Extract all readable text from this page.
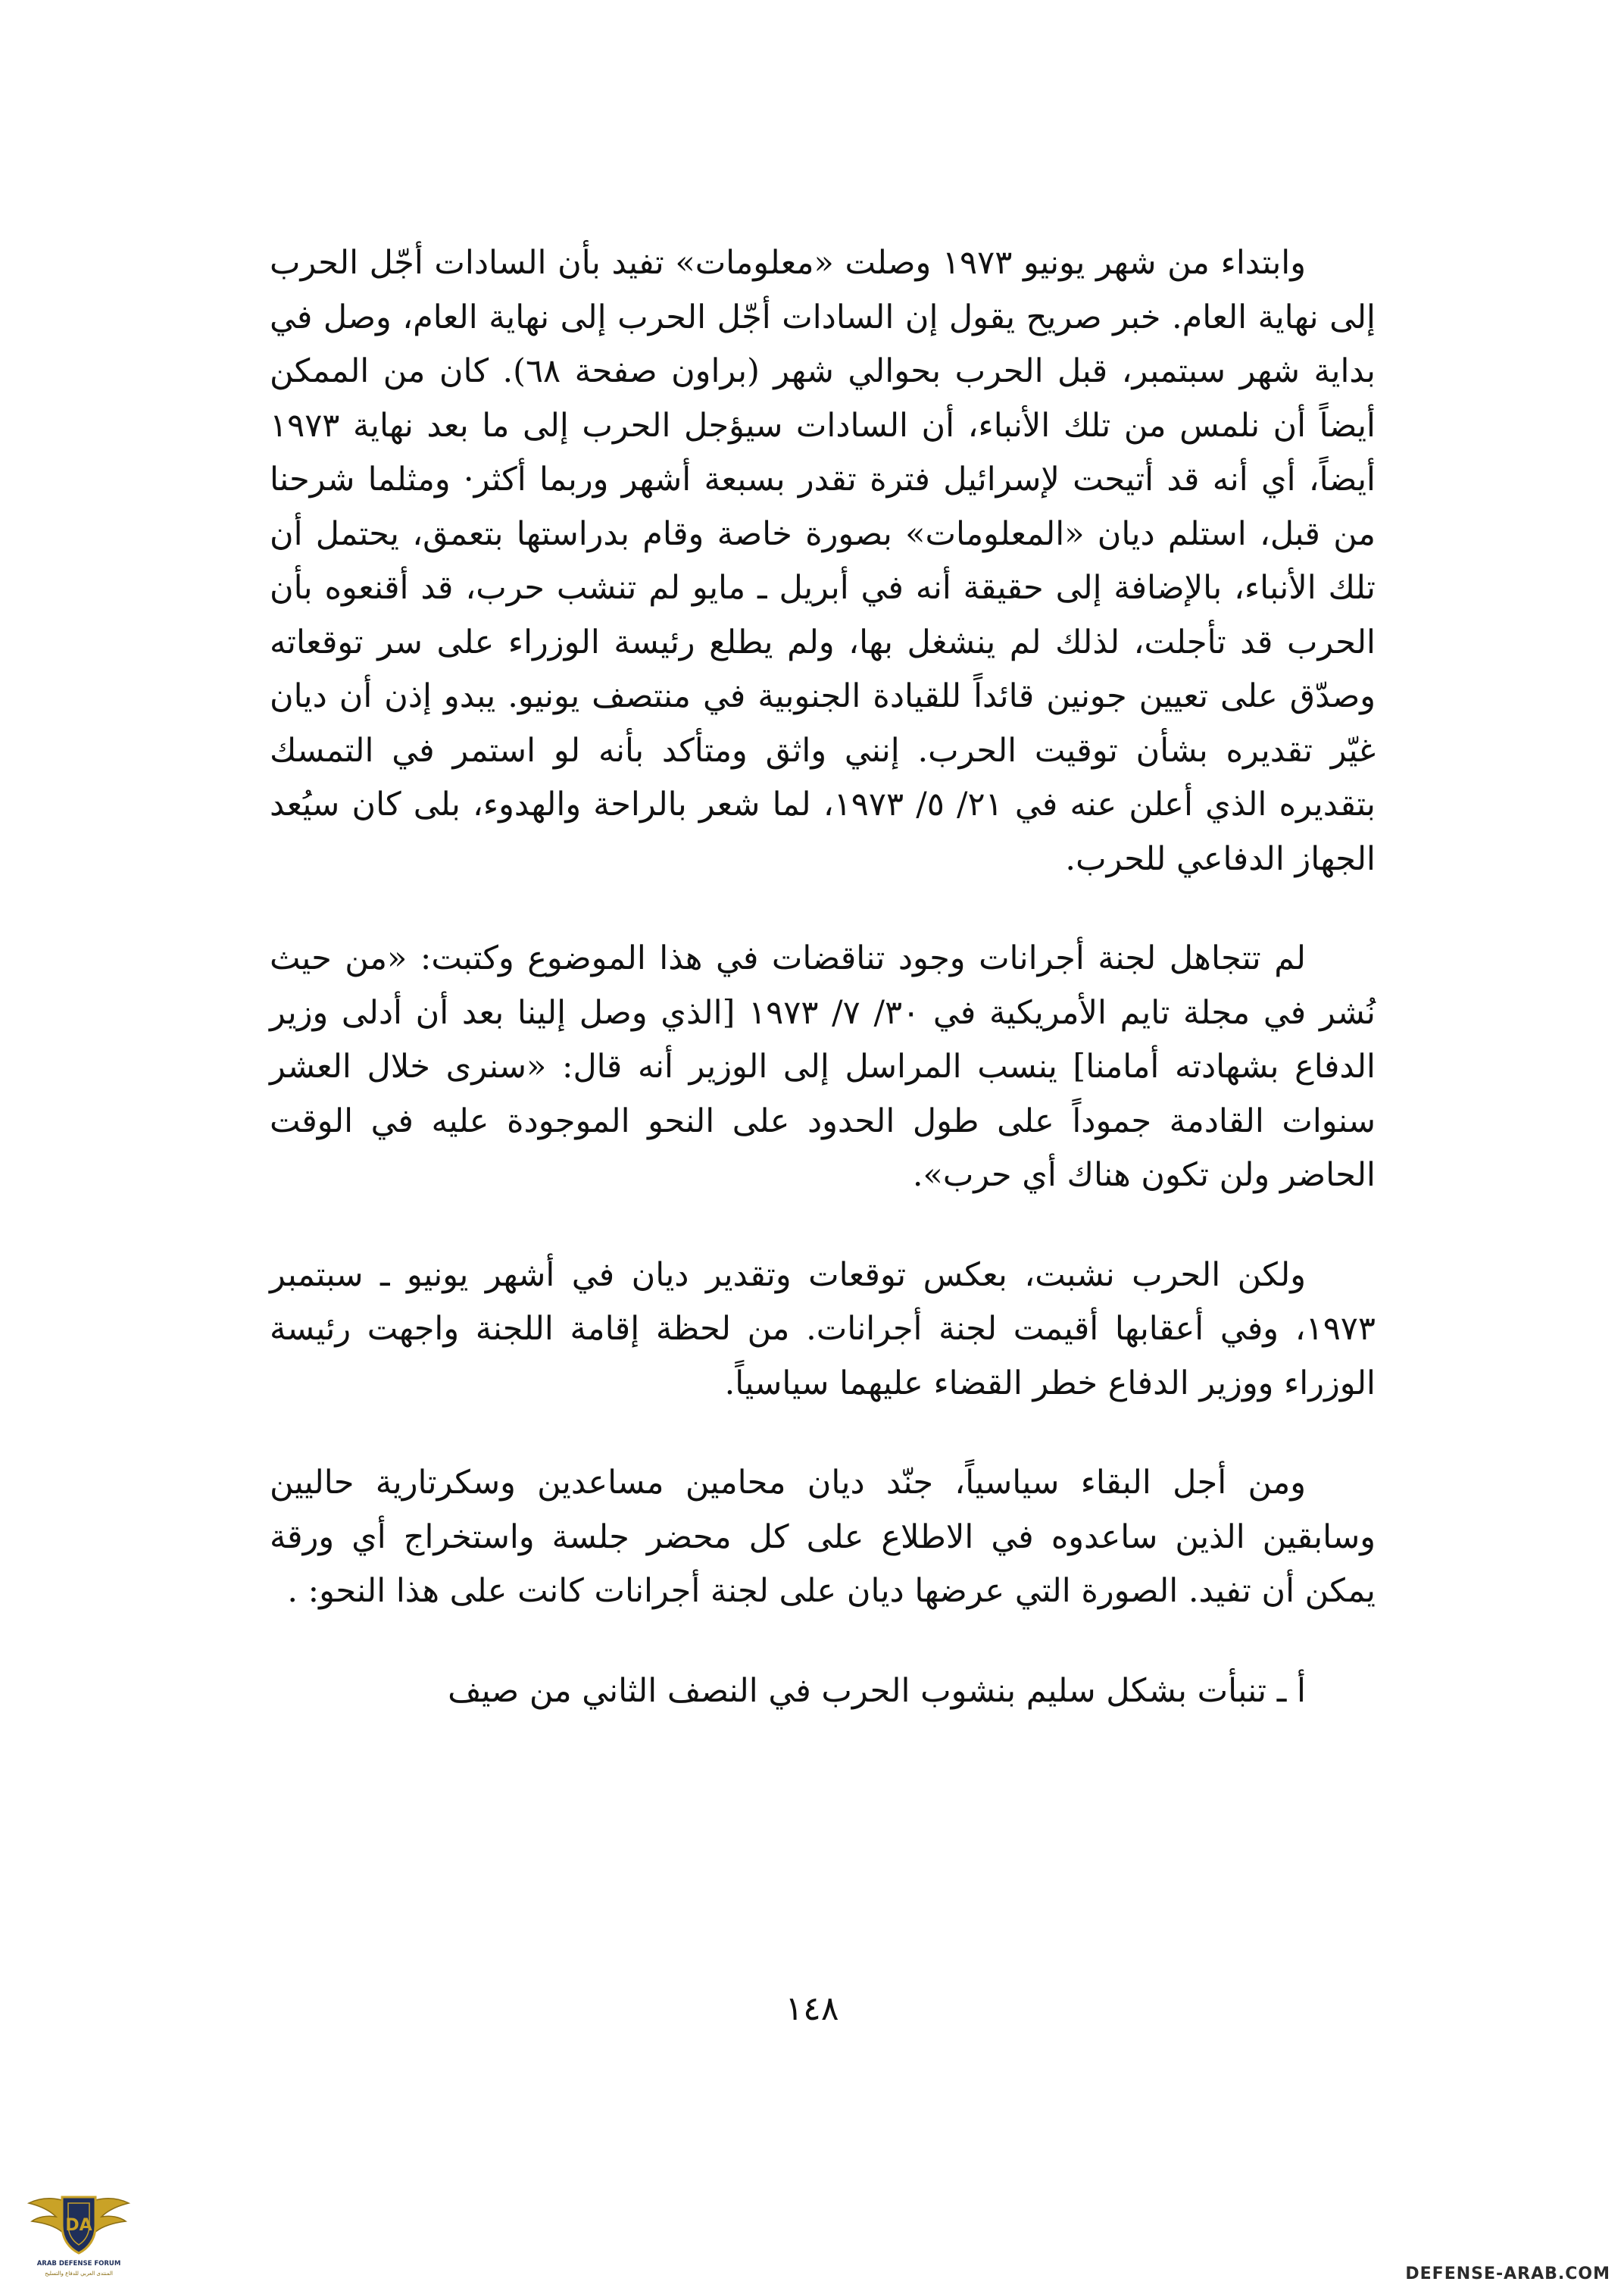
وابتداء من شهر يونيو ١٩٧٣ وصلت «معلومات» تفيد بأن السادات أجّل الحرب إلى نهاية العام. خبر صريح يقول إن السادات أجّل الحرب إلى نهاية العام، وصل في بداية شهر سبتمبر، قبل الحرب بحوالي شهر (براون صفحة ٦٨). كان من الممكن أيضاً أن نلمس من تلك الأنباء، أن السادات سيؤجل الحرب إلى ما بعد نهاية ١٩٧٣ أيضاً، أي أنه قد أتيحت لإسرائيل فترة تقدر بسبعة أشهر وربما أكثر· ومثلما شرحنا من قبل، استلم ديان «المعلومات» بصورة خاصة وقام بدراستها بتعمق، يحتمل أن تلك الأنباء، بالإضافة إلى حقيقة أنه في أبريل ـ مايو لم تنشب حرب، قد أقنعوه بأن الحرب قد تأجلت، لذلك لم ينشغل بها، ولم يطلع رئيسة الوزراء على سر توقعاته وصدّق على تعيين جونين قائداً للقيادة الجنوبية في منتصف يونيو. يبدو إذن أن ديان غيّر تقديره بشأن توقيت الحرب. إنني واثق ومتأكد بأنه لو استمر في التمسك بتقديره الذي أعلن عنه في ٢١/ ٥/ ١٩٧٣، لما شعر بالراحة والهدوء، بلى كان سيُعد الجهاز الدفاعي للحرب.

لم تتجاهل لجنة أجرانات وجود تناقضات في هذا الموضوع وكتبت: «من حيث نُشر في مجلة تايم الأمريكية في ٣٠/ ٧/ ١٩٧٣ [الذي وصل إلينا بعد أن أدلى وزير الدفاع بشهادته أمامنا] ينسب المراسل إلى الوزير أنه قال: «سنرى خلال العشر سنوات القادمة جموداً على طول الحدود على النحو الموجودة عليه في الوقت الحاضر ولن تكون هناك أي حرب».

ولكن الحرب نشبت، بعكس توقعات وتقدير ديان في أشهر يونيو ـ سبتمبر ١٩٧٣، وفي أعقابها أقيمت لجنة أجرانات. من لحظة إقامة اللجنة واجهت رئيسة الوزراء ووزير الدفاع خطر القضاء عليهما سياسياً.

ومن أجل البقاء سياسياً، جنّد ديان محامين مساعدين وسكرتارية حاليين وسابقين الذين ساعدوه في الاطلاع على كل محضر جلسة واستخراج أي ورقة يمكن أن تفيد. الصورة التي عرضها ديان على لجنة أجرانات كانت على هذا النحو: .

أ ـ تنبأت بشكل سليم بنشوب الحرب في النصف الثاني من صيف

١٤٨
DA
ARAB DEFENSE FORUM
المنتدى العربي للدفاع والتسليح	DEFENSE-ARAB.COM
